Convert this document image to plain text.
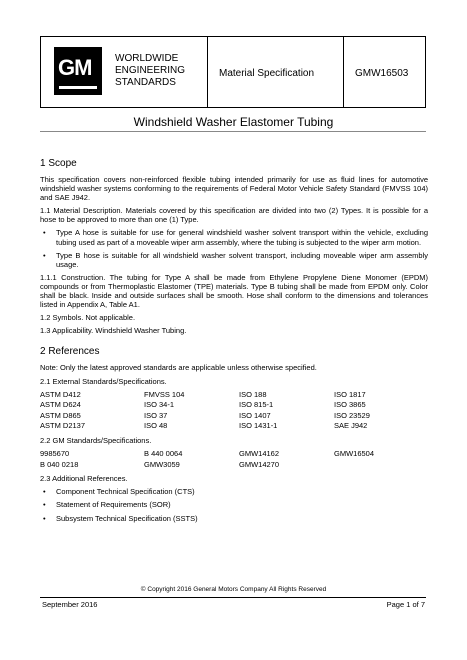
GM WORLDWIDE
ENGINEERING
STANDARDS
Material Specification	GMW16503
Windshield Washer Elastomer Tubing
1 Scope

This specification covers non-reinforced flexible tubing intended primarily for use as fluid lines for automotive windshield washer systems conforming to the requirements of Federal Motor Vehicle Safety Standard (FMVSS 104) and SAE J942.

1.1 Material Description. Materials covered by this specification are divided into two (2) Types. It is possible for a hose to be approved to more than one (1) Type.

• Type A hose is suitable for use for general windshield washer solvent transport within the vehicle, excluding tubing used as part of a moveable wiper arm assembly, where the tubing is subjected to the wiper arm motion.
• Type B hose is suitable for all windshield washer solvent transport, including moveable wiper arm assembly usage.

1.1.1 Construction. The tubing for Type A shall be made from Ethylene Propylene Diene Monomer (EPDM) compounds or from Thermoplastic Elastomer (TPE) materials. Type B tubing shall be made from EPDM only. Color shall be black. Inside and outside surfaces shall be smooth. Hose shall conform to the dimensions and tolerances listed in Appendix A, Table A1.

1.2 Symbols. Not applicable.

1.3 Applicability. Windshield Washer Tubing.

2 References

Note: Only the latest approved standards are applicable unless otherwise specified.

2.1 External Standards/Specifications.

ASTM D412	FMVSS 104	ISO 188	ISO 1817
ASTM D624	ISO 34-1	ISO 815-1	ISO 3865
ASTM D865	ISO 37	ISO 1407	ISO 23529
ASTM D2137	ISO 48	ISO 1431-1	SAE J942

2.2 GM Standards/Specifications.

9985670	B 440 0064	GMW14162	GMW16504
B 040 0218	GMW3059	GMW14270

2.3 Additional References.

• Component Technical Specification (CTS)
• Statement of Requirements (SOR)
• Subsystem Technical Specification (SSTS)
© Copyright 2016 General Motors Company All Rights Reserved
September 2016	Page 1 of 7
